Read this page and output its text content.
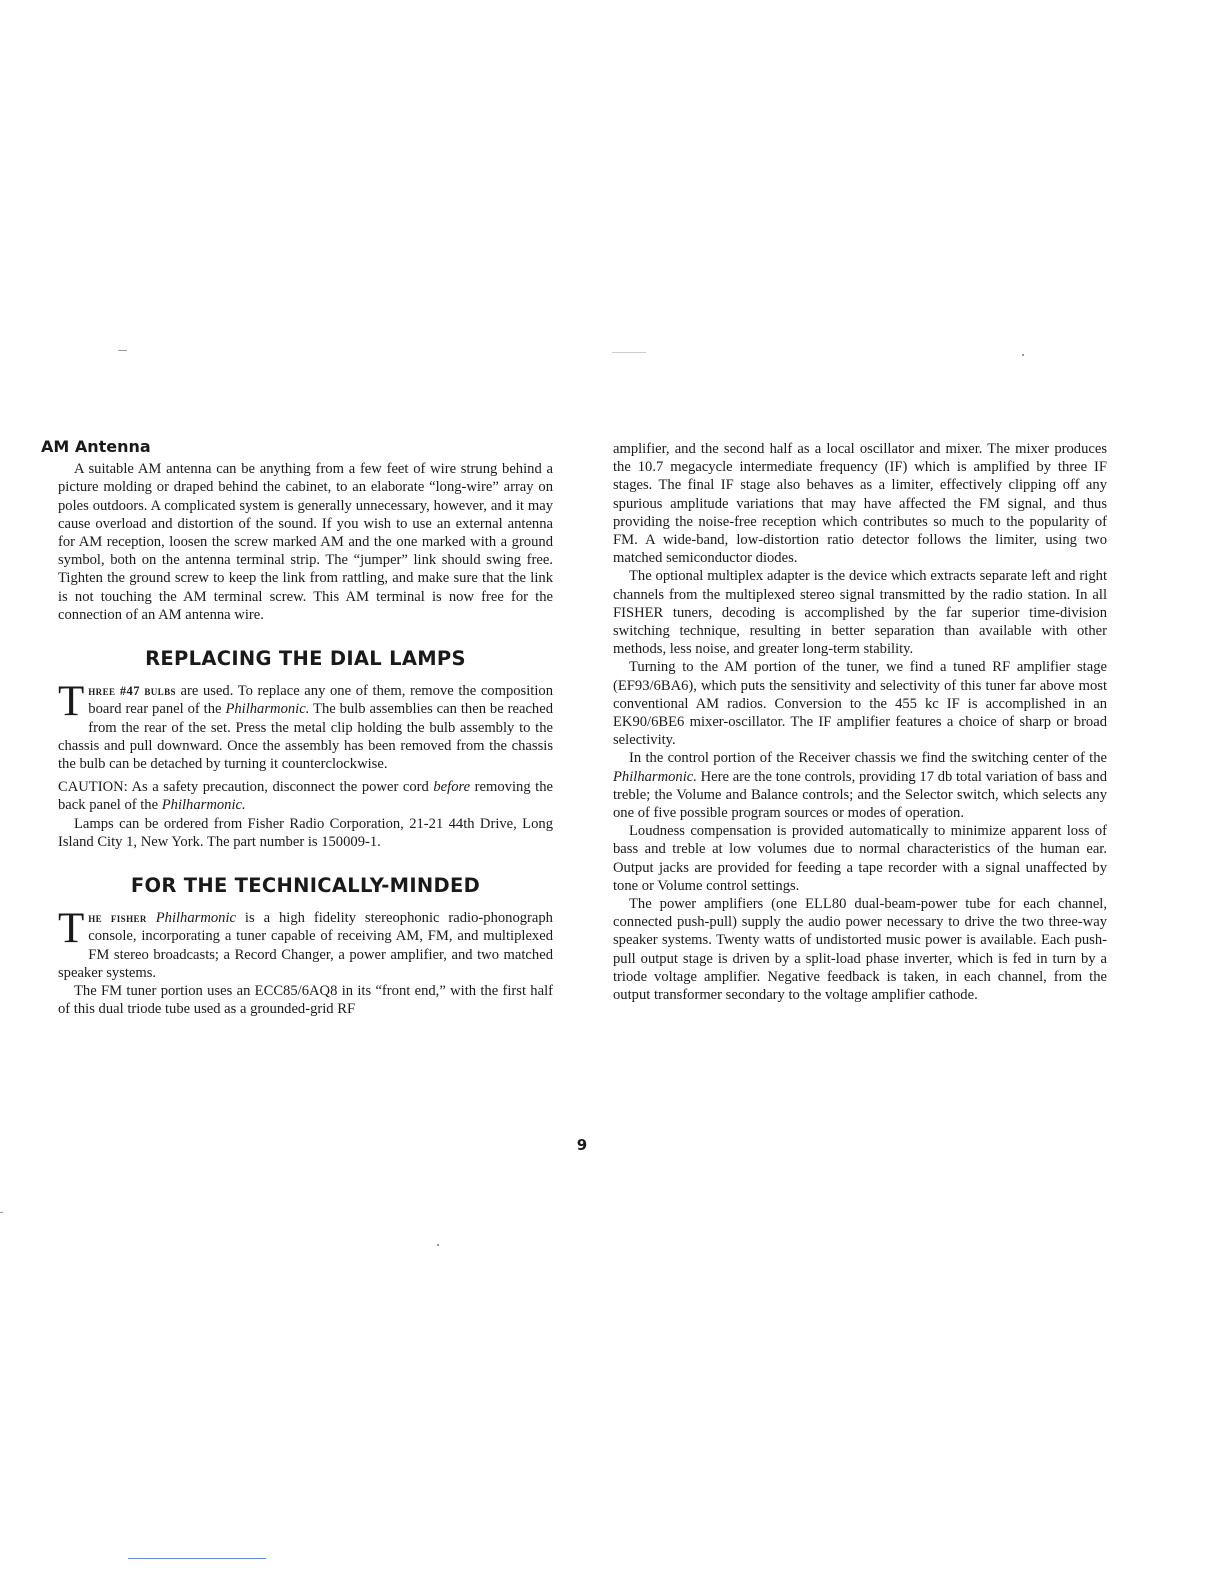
AM Antenna

A suitable AM antenna can be anything from a few feet of wire strung behind a picture molding or draped behind the cabinet, to an elaborate “long-wire” array on poles outdoors. A complicated system is generally unnecessary, however, and it may cause overload and distortion of the sound. If you wish to use an external antenna for AM reception, loosen the screw marked AM and the one marked with a ground symbol, both on the antenna terminal strip. The “jumper” link should swing free. Tighten the ground screw to keep the link from rattling, and make sure that the link is not touching the AM terminal screw. This AM terminal is now free for the connection of an AM antenna wire.

REPLACING THE DIAL LAMPS

Three #47 bulbs are used. To replace any one of them, remove the composition board rear panel of the Philharmonic. The bulb assemblies can then be reached from the rear of the set. Press the metal clip holding the bulb assembly to the chassis and pull downward. Once the assembly has been removed from the chassis the bulb can be detached by turning it counterclockwise.

CAUTION: As a safety precaution, disconnect the power cord before removing the back panel of the Philharmonic.

Lamps can be ordered from Fisher Radio Corporation, 21-21 44th Drive, Long Island City 1, New York. The part number is 150009-1.

FOR THE TECHNICALLY-MINDED

The fisher Philharmonic is a high fidelity stereophonic radio-phonograph console, incorporating a tuner capable of receiving AM, FM, and multiplexed FM stereo broadcasts; a Record Changer, a power amplifier, and two matched speaker systems.

The FM tuner portion uses an ECC85/6AQ8 in its “front end,” with the first half of this dual triode tube used as a grounded-grid RF

amplifier, and the second half as a local oscillator and mixer. The mixer produces the 10.7 megacycle intermediate frequency (IF) which is amplified by three IF stages. The final IF stage also behaves as a limiter, effectively clipping off any spurious amplitude variations that may have affected the FM signal, and thus providing the noise-free reception which contributes so much to the popularity of FM. A wide-band, low-distortion ratio detector follows the limiter, using two matched semiconductor diodes.

The optional multiplex adapter is the device which extracts separate left and right channels from the multiplexed stereo signal transmitted by the radio station. In all FISHER tuners, decoding is accomplished by the far superior time-division switching technique, resulting in better separation than available with other methods, less noise, and greater long-term stability.

Turning to the AM portion of the tuner, we find a tuned RF amplifier stage (EF93/6BA6), which puts the sensitivity and selectivity of this tuner far above most conventional AM radios. Conversion to the 455 kc IF is accomplished in an EK90/6BE6 mixer-oscillator. The IF amplifier features a choice of sharp or broad selectivity.

In the control portion of the Receiver chassis we find the switching center of the Philharmonic. Here are the tone controls, providing 17 db total variation of bass and treble; the Volume and Balance controls; and the Selector switch, which selects any one of five possible program sources or modes of operation.

Loudness compensation is provided automatically to minimize apparent loss of bass and treble at low volumes due to normal characteristics of the human ear. Output jacks are provided for feeding a tape recorder with a signal unaffected by tone or Volume control settings.

The power amplifiers (one ELL80 dual-beam-power tube for each channel, connected push-pull) supply the audio power necessary to drive the two three-way speaker systems. Twenty watts of undistorted music power is available. Each push-pull output stage is driven by a split-load phase inverter, which is fed in turn by a triode voltage amplifier. Negative feedback is taken, in each channel, from the output transformer secondary to the voltage amplifier cathode.

9
